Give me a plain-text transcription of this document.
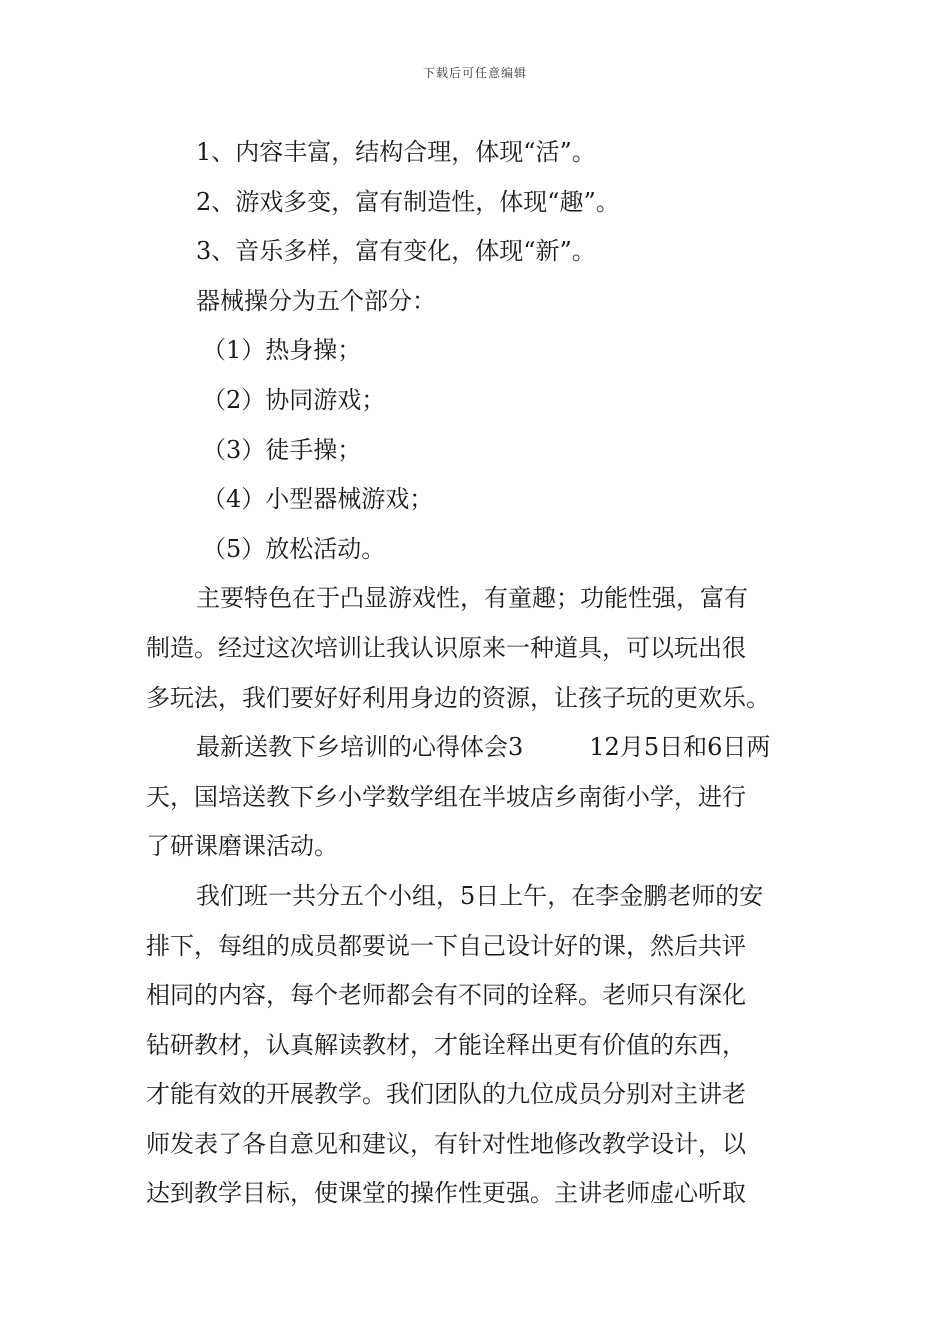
下载后可任意编辑
1、内容丰富，结构合理，体现“活”。
2、游戏多变，富有制造性，体现“趣”。
3、音乐多样，富有变化，体现“新”。
器械操分为五个部分：
（1）热身操；
（2）协同游戏；
（3）徒手操；
（4）小型器械游戏；
（5）放松活动。
主要特色在于凸显游戏性，有童趣；功能性强，富有
制造。经过这次培训让我认识原来一种道具，可以玩出很
多玩法，我们要好好利用身边的资源，让孩子玩的更欢乐。
最新送教下乡培训的心得体会3	12月5日和6日两
天，国培送教下乡小学数学组在半坡店乡南街小学，进行
了研课磨课活动。
我们班一共分五个小组，5日上午，在李金鹏老师的安
排下，每组的成员都要说一下自己设计好的课，然后共评
相同的内容，每个老师都会有不同的诠释。老师只有深化
钻研教材，认真解读教材，才能诠释出更有价值的东西，
才能有效的开展教学。我们团队的九位成员分别对主讲老
师发表了各自意见和建议，有针对性地修改教学设计，以
达到教学目标，使课堂的操作性更强。主讲老师虚心听取
